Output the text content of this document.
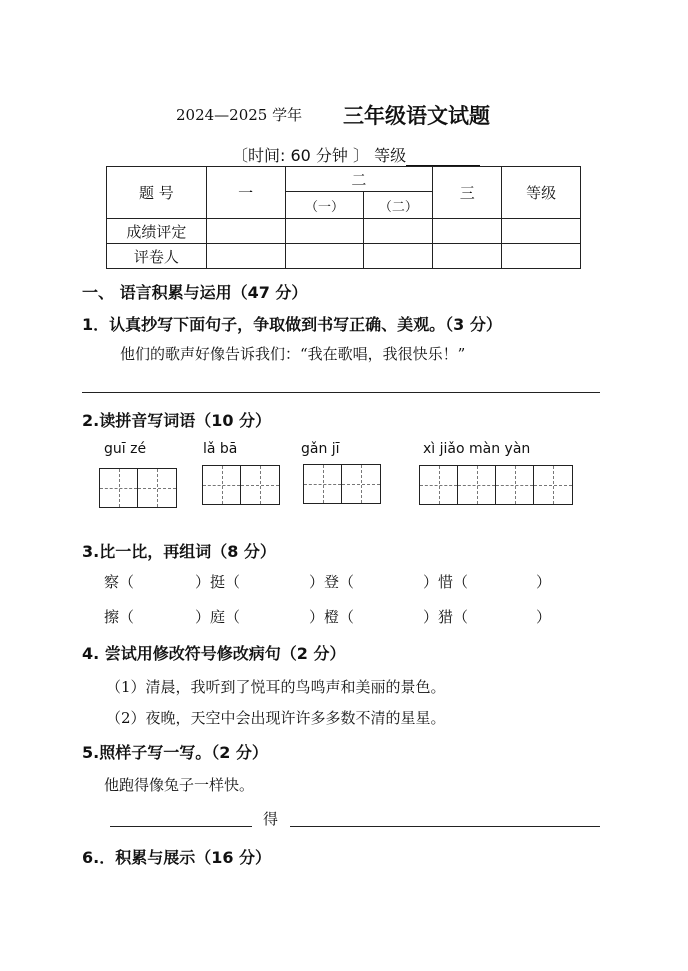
2024—2025 学年 三年级语文试题
〔时间: 60 分钟 〕 等级
题 号	一	二		三	等级
		（一）	（二）		
成绩评定					
评卷人					
一、 语言积累与运用（47 分）
1．认真抄写下面句子，争取做到书写正确、美观。（3 分）
他们的歌声好像告诉我们：“我在歌唱，我很快乐！”
2.读拼音写词语（10 分）
guī zé	lǎ bā	gǎn jī	xì jiǎo màn yàn
3.比一比，再组词（8 分）
察（	）挺（	）登（	）惜（	）
擦（	）庭（	）橙（	）猎（	）
4. 尝试用修改符号修改病句（2 分）
（1）清晨，我听到了悦耳的鸟鸣声和美丽的景色。
（2）夜晚，天空中会出现许许多多数不清的星星。
5.照样子写一写。（2 分）
他跑得像兔子一样快。
得
6.．积累与展示（16 分）
